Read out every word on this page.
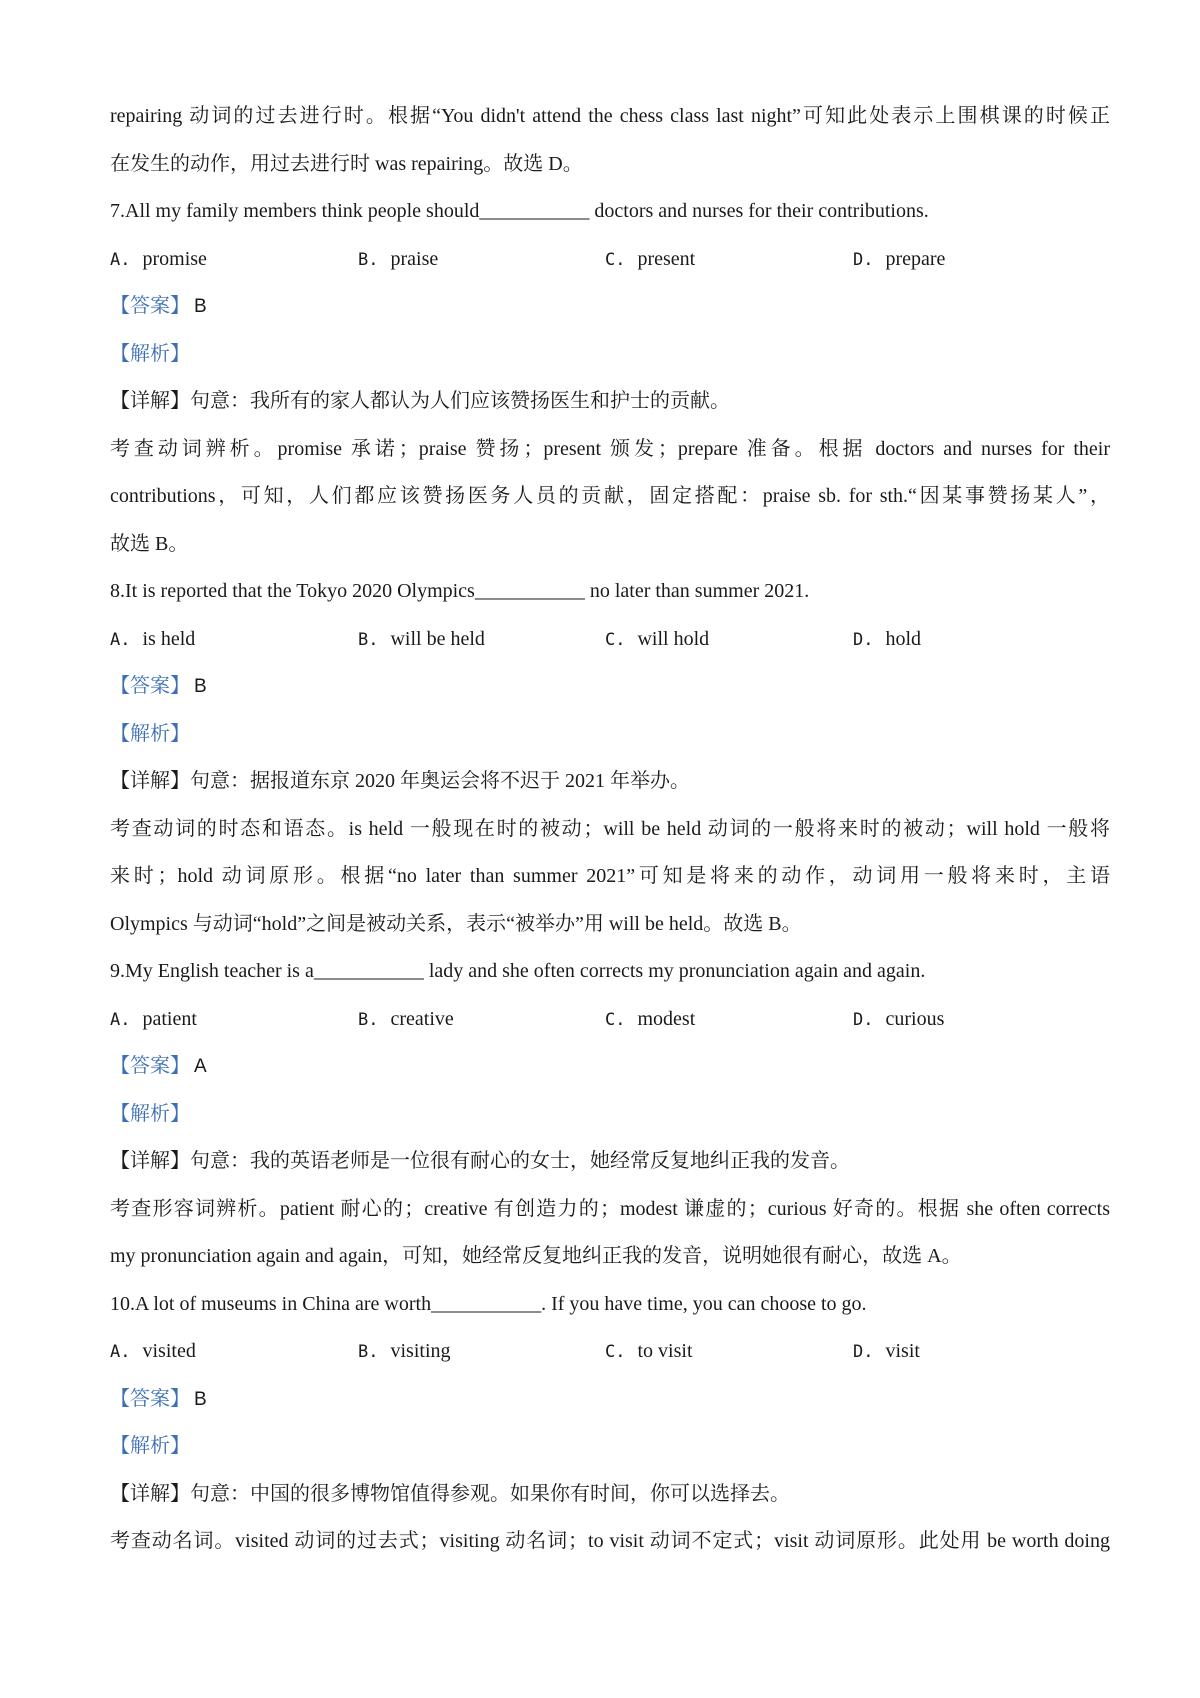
repairing 动词的过去进行时。根据“You didn't attend the chess class last night”可知此处表示上围棋课的时候正
在发生的动作，用过去进行时 was repairing。故选 D。
7.All my family members think people should___________ doctors and nurses for their contributions.
A. promise	B. praise	C. present	D. prepare
【答案】 B
【解析】
【详解】句意：我所有的家人都认为人们应该赞扬医生和护士的贡献。
考查动词辨析。promise 承诺；praise 赞扬；present 颁发；prepare 准备。根据 doctors and nurses for their
contributions，可知，人们都应该赞扬医务人员的贡献，固定搭配：praise sb. for sth.“因某事赞扬某人”，
故选 B。
8.It is reported that the Tokyo 2020 Olympics___________ no later than summer 2021.
A. is held	B. will be held	C. will hold	D. hold
【答案】 B
【解析】
【详解】句意：据报道东京 2020 年奥运会将不迟于 2021 年举办。
考查动词的时态和语态。is held 一般现在时的被动；will be held 动词的一般将来时的被动；will hold 一般将
来时；hold 动词原形。根据“no later than summer 2021”可知是将来的动作，动词用一般将来时，主语
Olympics 与动词“hold”之间是被动关系，表示“被举办”用 will be held。故选 B。
9.My English teacher is a___________ lady and she often corrects my pronunciation again and again.
A. patient	B. creative	C. modest	D. curious
【答案】 A
【解析】
【详解】句意：我的英语老师是一位很有耐心的女士，她经常反复地纠正我的发音。
考查形容词辨析。patient 耐心的；creative 有创造力的；modest 谦虚的；curious 好奇的。根据 she often corrects
my pronunciation again and again，可知，她经常反复地纠正我的发音，说明她很有耐心，故选 A。
10.A lot of museums in China are worth___________. If you have time, you can choose to go.
A. visited	B. visiting	C. to visit	D. visit
【答案】 B
【解析】
【详解】句意：中国的很多博物馆值得参观。如果你有时间，你可以选择去。
考查动名词。visited 动词的过去式；visiting 动名词；to visit 动词不定式；visit 动词原形。此处用 be worth doing
